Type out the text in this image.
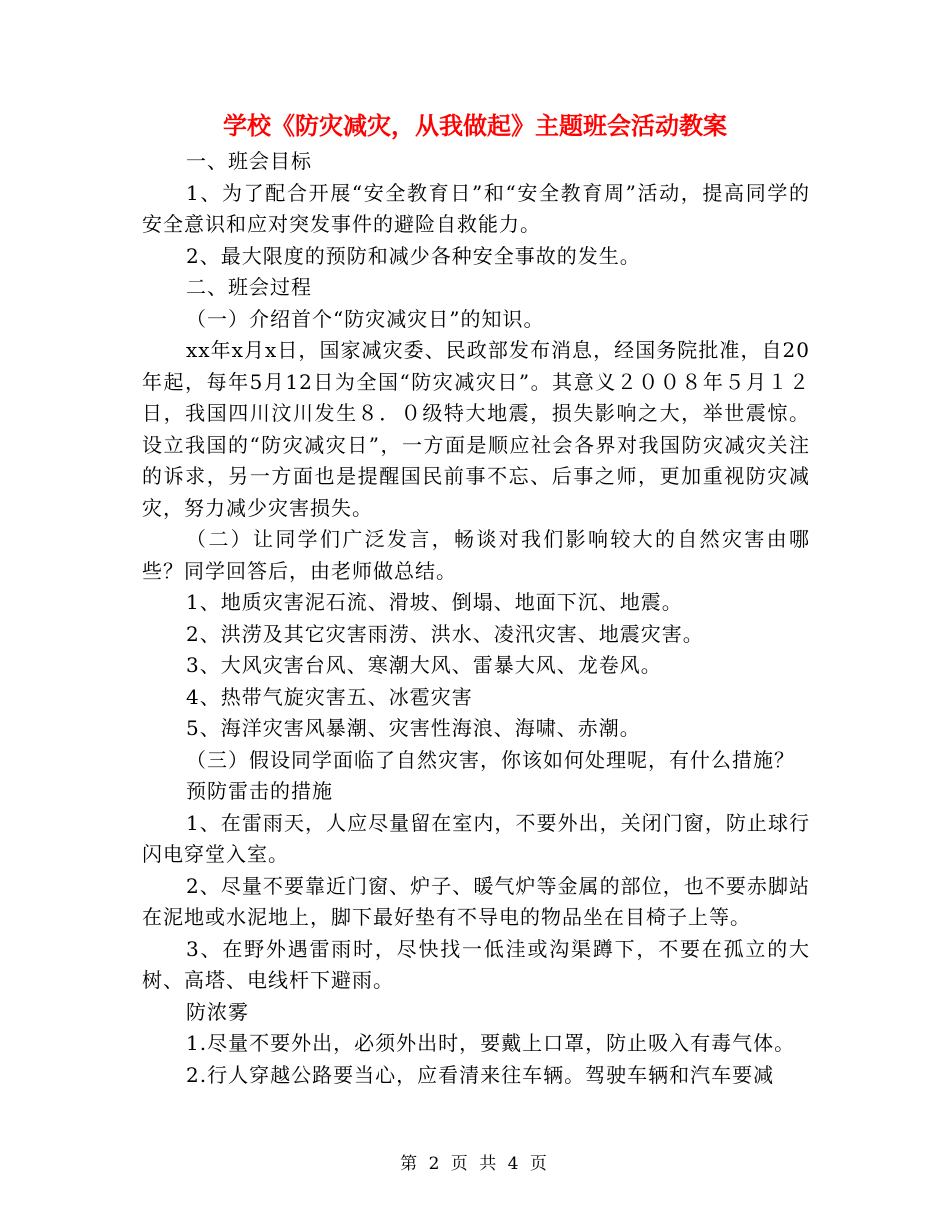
学校《防灾减灾，从我做起》主题班会活动教案

一、班会目标

1、为了配合开展“安全教育日”和“安全教育周”活动，提高同学的安全意识和应对突发事件的避险自救能力。

2、最大限度的预防和减少各种安全事故的发生。

二、班会过程

（一）介绍首个“防灾减灾日”的知识。

xx年x月x日，国家减灾委、民政部发布消息，经国务院批准，自20年起，每年5月12日为全国“防灾减灾日”。其意义２００８年５月１２日，我国四川汶川发生８．０级特大地震，损失影响之大，举世震惊。设立我国的“防灾减灾日”，一方面是顺应社会各界对我国防灾减灾关注的诉求，另一方面也是提醒国民前事不忘、后事之师，更加重视防灾减灾，努力减少灾害损失。

（二）让同学们广泛发言，畅谈对我们影响较大的自然灾害由哪些？同学回答后，由老师做总结。

1、地质灾害泥石流、滑坡、倒塌、地面下沉、地震。

2、洪涝及其它灾害雨涝、洪水、凌汛灾害、地震灾害。

3、大风灾害台风、寒潮大风、雷暴大风、龙卷风。

4、热带气旋灾害五、冰雹灾害

5、海洋灾害风暴潮、灾害性海浪、海啸、赤潮。

（三）假设同学面临了自然灾害，你该如何处理呢，有什么措施？

预防雷击的措施

1、在雷雨天，人应尽量留在室内，不要外出，关闭门窗，防止球行闪电穿堂入室。

2、尽量不要靠近门窗、炉子、暖气炉等金属的部位，也不要赤脚站在泥地或水泥地上，脚下最好垫有不导电的物品坐在目椅子上等。

3、在野外遇雷雨时，尽快找一低洼或沟渠蹲下，不要在孤立的大树、高塔、电线杆下避雨。

防浓雾

1.尽量不要外出，必须外出时，要戴上口罩，防止吸入有毒气体。

2.行人穿越公路要当心，应看清来往车辆。驾驶车辆和汽车要减

第 2 页 共 4 页
